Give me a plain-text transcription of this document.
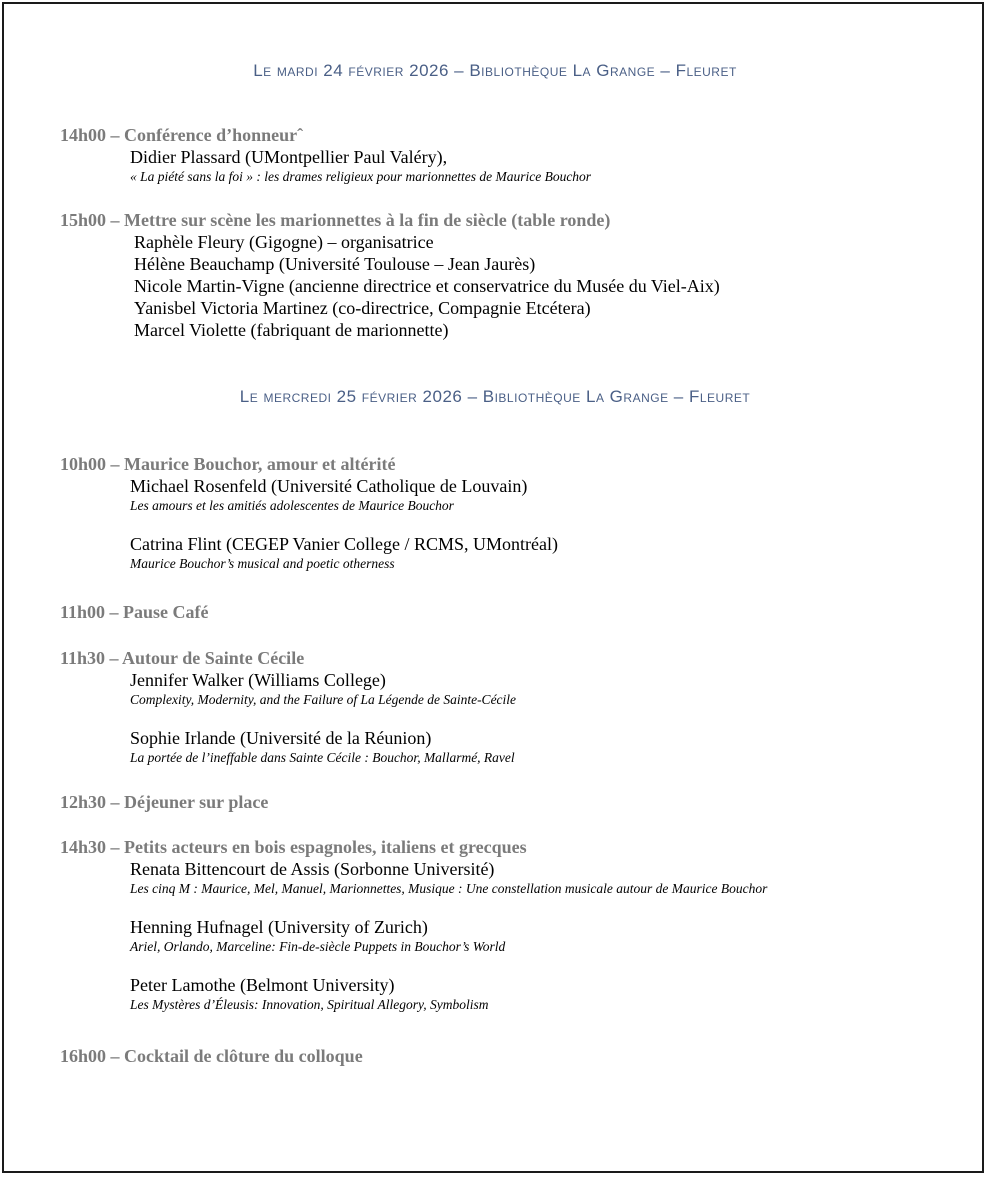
Le mardi 24 février 2026 – Bibliothèque La Grange – Fleuret
14h00 – Conférence d’honneurˆ
Didier Plassard (UMontpellier Paul Valéry),
« La piété sans la foi » : les drames religieux pour marionnettes de Maurice Bouchor
15h00 – Mettre sur scène les marionnettes à la fin de siècle (table ronde)
Raphèle Fleury (Gigogne) – organisatrice
Hélène Beauchamp (Université Toulouse – Jean Jaurès)
Nicole Martin-Vigne (ancienne directrice et conservatrice du Musée du Viel-Aix)
Yanisbel Victoria Martinez (co-directrice, Compagnie Etcétera)
Marcel Violette (fabriquant de marionnette)
Le mercredi 25 février 2026 – Bibliothèque La Grange – Fleuret
10h00 – Maurice Bouchor, amour et altérité
Michael Rosenfeld (Université Catholique de Louvain)
Les amours et les amitiés adolescentes de Maurice Bouchor
Catrina Flint (CEGEP Vanier College / RCMS, UMontréal)
Maurice Bouchor’s musical and poetic otherness
11h00 – Pause Café
11h30 – Autour de Sainte Cécile
Jennifer Walker (Williams College)
Complexity, Modernity, and the Failure of La Légende de Sainte-Cécile
Sophie Irlande (Université de la Réunion)
La portée de l’ineffable dans Sainte Cécile : Bouchor, Mallarmé, Ravel
12h30 – Déjeuner sur place
14h30 – Petits acteurs en bois espagnoles, italiens et grecques
Renata Bittencourt de Assis (Sorbonne Université)
Les cinq M : Maurice, Mel, Manuel, Marionnettes, Musique : Une constellation musicale autour de Maurice Bouchor
Henning Hufnagel (University of Zurich)
Ariel, Orlando, Marceline: Fin-de-siècle Puppets in Bouchor’s World
Peter Lamothe (Belmont University)
Les Mystères d’Éleusis: Innovation, Spiritual Allegory, Symbolism
16h00 – Cocktail de clôture du colloque
